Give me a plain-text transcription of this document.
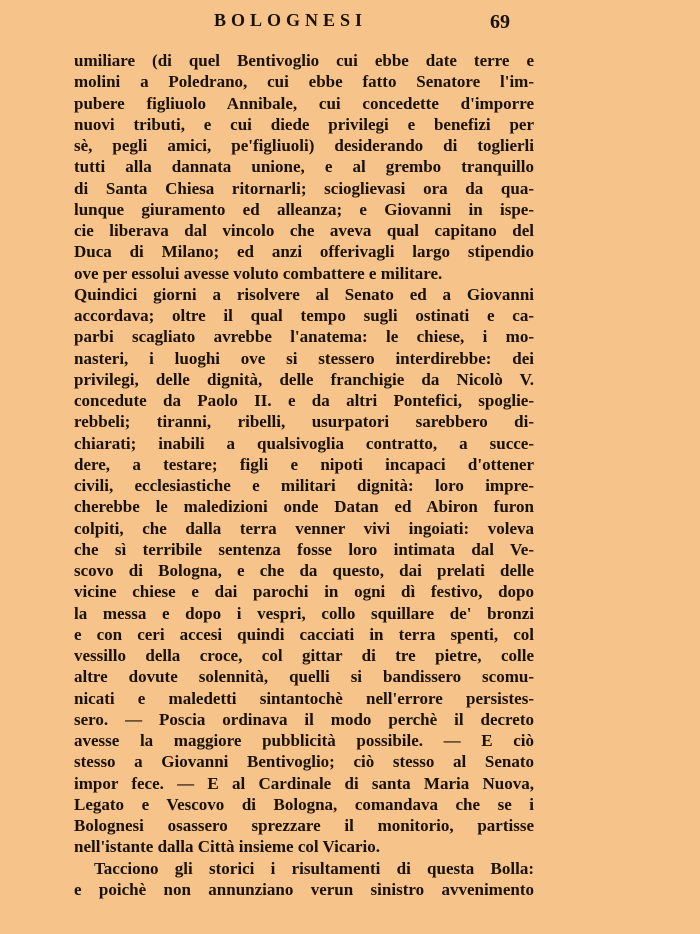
BOLOGNESI	69
umiliare (di quel Bentivoglio cui ebbe date terre e
molini a Poledrano, cui ebbe fatto Senatore l'im-
pubere figliuolo Annibale, cui concedette d'imporre
nuovi tributi, e cui diede privilegi e benefizi per
sè, pegli amici, pe'figliuoli) desiderando di toglierli
tutti alla dannata unione, e al grembo tranquillo
di Santa Chiesa ritornarli; scioglievasi ora da qua-
lunque giuramento ed alleanza; e Giovanni in ispe-
cie liberava dal vincolo che aveva qual capitano del
Duca di Milano; ed anzi offerivagli largo stipendio
ove per essolui avesse voluto combattere e militare.
Quindici giorni a risolvere al Senato ed a Giovanni
accordava; oltre il qual tempo sugli ostinati e ca-
parbi scagliato avrebbe l'anatema: le chiese, i mo-
nasteri, i luoghi ove si stessero interdirebbe: dei
privilegi, delle dignità, delle franchigie da Nicolò V.
concedute da Paolo II. e da altri Pontefici, spoglie-
rebbeli; tiranni, ribelli, usurpatori sarebbero di-
chiarati; inabili a qualsivoglia contratto, a succe-
dere, a testare; figli e nipoti incapaci d'ottener
civili, ecclesiastiche e militari dignità: loro impre-
cherebbe le maledizioni onde Datan ed Abiron furon
colpiti, che dalla terra venner vivi ingoiati: voleva
che sì terribile sentenza fosse loro intimata dal Ve-
scovo di Bologna, e che da questo, dai prelati delle
vicine chiese e dai parochi in ogni dì festivo, dopo
la messa e dopo i vespri, collo squillare de' bronzi
e con ceri accesi quindi cacciati in terra spenti, col
vessillo della croce, col gittar di tre pietre, colle
altre dovute solennità, quelli si bandissero scomu-
nicati e maledetti sintantochè nell'errore persistes-
sero. — Poscia ordinava il modo perchè il decreto
avesse la maggiore pubblicità possibile. — E ciò
stesso a Giovanni Bentivoglio; ciò stesso al Senato
impor fece. — E al Cardinale di santa Maria Nuova,
Legato e Vescovo di Bologna, comandava che se i
Bolognesi osassero sprezzare il monitorio, partisse
nell'istante dalla Città insieme col Vicario.
Tacciono gli storici i risultamenti di questa Bolla:
e poichè non annunziano verun sinistro avvenimento
